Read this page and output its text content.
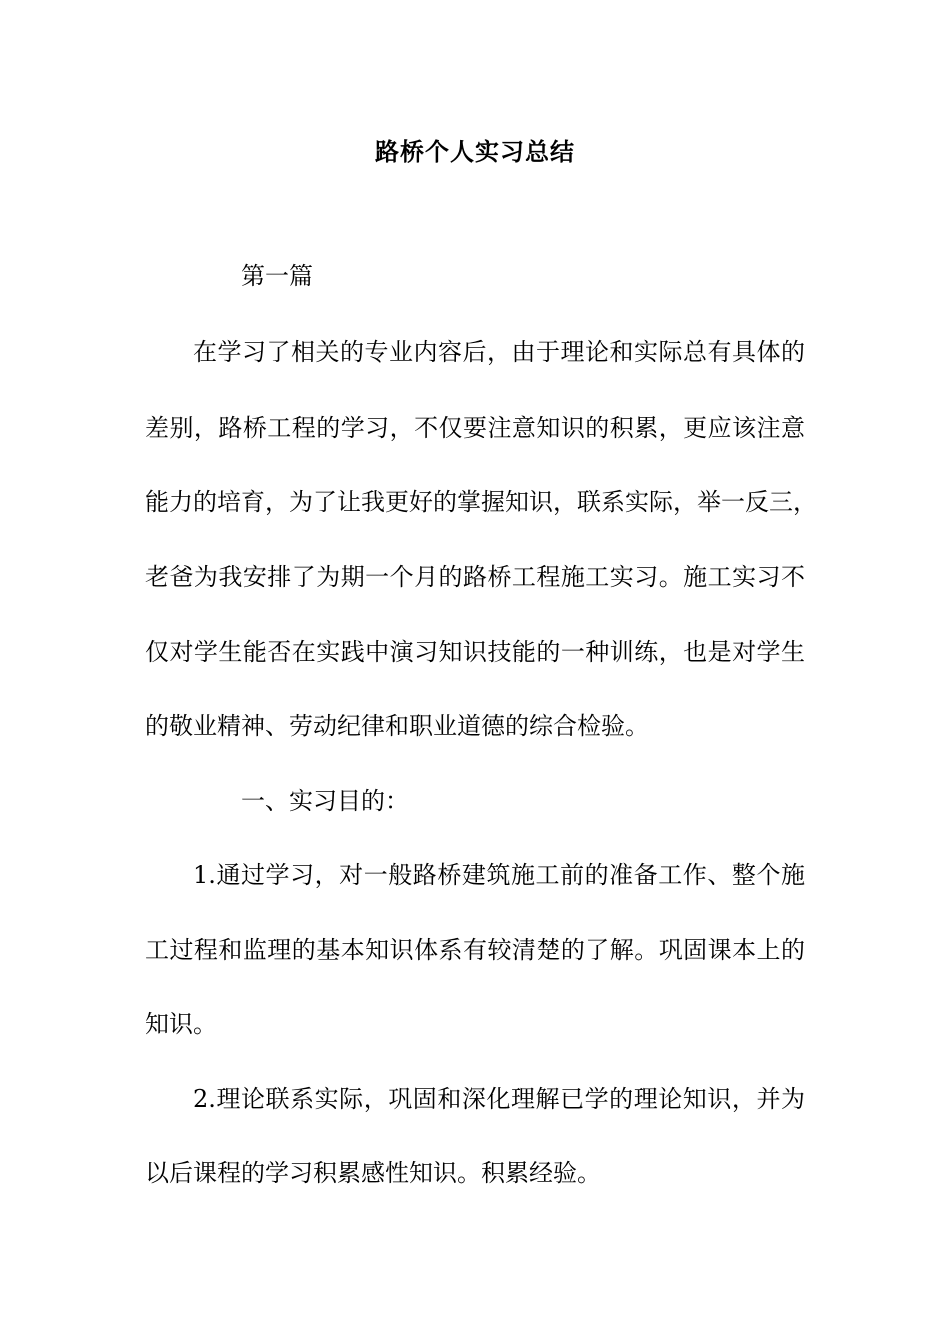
路桥个人实习总结
第一篇
在学习了相关的专业内容后，由于理论和实际总有具体的
差别，路桥工程的学习，不仅要注意知识的积累，更应该注意
能力的培育，为了让我更好的掌握知识，联系实际，举一反三，
老爸为我安排了为期一个月的路桥工程施工实习。施工实习不
仅对学生能否在实践中演习知识技能的一种训练，也是对学生
的敬业精神、劳动纪律和职业道德的综合检验。
一、实习目的：
1.通过学习，对一般路桥建筑施工前的准备工作、整个施
工过程和监理的基本知识体系有较清楚的了解。巩固课本上的
知识。
2.理论联系实际，巩固和深化理解已学的理论知识，并为
以后课程的学习积累感性知识。积累经验。
